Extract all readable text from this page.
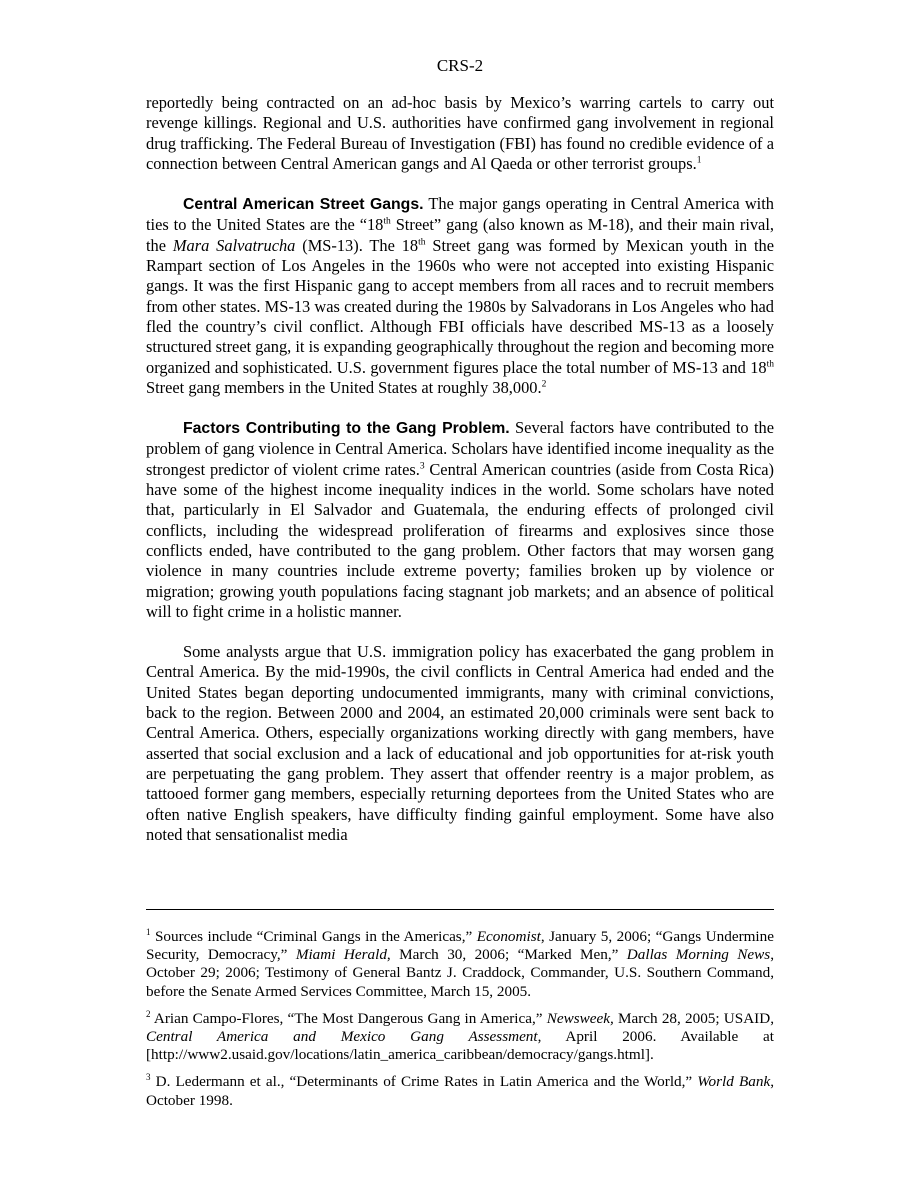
CRS-2

reportedly being contracted on an ad-hoc basis by Mexico’s warring cartels to carry out revenge killings. Regional and U.S. authorities have confirmed gang involvement in regional drug trafficking. The Federal Bureau of Investigation (FBI) has found no credible evidence of a connection between Central American gangs and Al Qaeda or other terrorist groups.$^1$

Central American Street Gangs. The major gangs operating in Central America with ties to the United States are the “18th Street” gang (also known as M-18), and their main rival, the Mara Salvatrucha (MS-13). The 18th Street gang was formed by Mexican youth in the Rampart section of Los Angeles in the 1960s who were not accepted into existing Hispanic gangs. It was the first Hispanic gang to accept members from all races and to recruit members from other states. MS-13 was created during the 1980s by Salvadorans in Los Angeles who had fled the country’s civil conflict. Although FBI officials have described MS-13 as a loosely structured street gang, it is expanding geographically throughout the region and becoming more organized and sophisticated. U.S. government figures place the total number of MS-13 and 18th Street gang members in the United States at roughly 38,000.$^2$

Factors Contributing to the Gang Problem. Several factors have contributed to the problem of gang violence in Central America. Scholars have identified income inequality as the strongest predictor of violent crime rates.$^3$ Central American countries (aside from Costa Rica) have some of the highest income inequality indices in the world. Some scholars have noted that, particularly in El Salvador and Guatemala, the enduring effects of prolonged civil conflicts, including the widespread proliferation of firearms and explosives since those conflicts ended, have contributed to the gang problem. Other factors that may worsen gang violence in many countries include extreme poverty; families broken up by violence or migration; growing youth populations facing stagnant job markets; and an absence of political will to fight crime in a holistic manner.

Some analysts argue that U.S. immigration policy has exacerbated the gang problem in Central America. By the mid-1990s, the civil conflicts in Central America had ended and the United States began deporting undocumented immigrants, many with criminal convictions, back to the region. Between 2000 and 2004, an estimated 20,000 criminals were sent back to Central America. Others, especially organizations working directly with gang members, have asserted that social exclusion and a lack of educational and job opportunities for at-risk youth are perpetuating the gang problem. They assert that offender reentry is a major problem, as tattooed former gang members, especially returning deportees from the United States who are often native English speakers, have difficulty finding gainful employment. Some have also noted that sensationalist media

$^1$ Sources include “Criminal Gangs in the Americas,” Economist, January 5, 2006; “Gangs Undermine Security, Democracy,” Miami Herald, March 30, 2006; “Marked Men,” Dallas Morning News, October 29; 2006; Testimony of General Bantz J. Craddock, Commander, U.S. Southern Command, before the Senate Armed Services Committee, March 15, 2005.

$^2$ Arian Campo-Flores, “The Most Dangerous Gang in America,” Newsweek, March 28, 2005; USAID, Central America and Mexico Gang Assessment, April 2006. Available at [http://www2.usaid.gov/locations/latin_america_caribbean/democracy/gangs.html].

$^3$ D. Ledermann et al., “Determinants of Crime Rates in Latin America and the World,” World Bank, October 1998.
